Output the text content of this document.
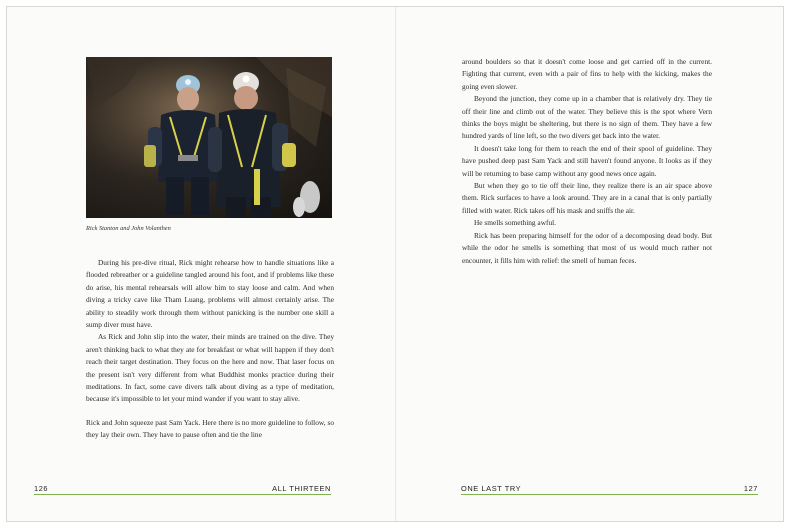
Rick Stanton and John Volanthen

During his pre-dive ritual, Rick might rehearse how to handle situations like a flooded rebreather or a guideline tangled around his foot, and if problems like these do arise, his mental rehearsals will allow him to stay loose and calm. And when diving a tricky cave like Tham Luang, problems will almost certainly arise. The ability to steadily work through them without panicking is the number one skill a sump diver must have.

As Rick and John slip into the water, their minds are trained on the dive. They aren't thinking back to what they ate for breakfast or what will happen if they don't reach their target destination. They focus on the here and now. That laser focus on the present isn't very different from what Buddhist monks practice during their meditations. In fact, some cave divers talk about diving as a type of meditation, because it's impossible to let your mind wander if you want to stay alive.

Rick and John squeeze past Sam Yack. Here there is no more guideline to follow, so they lay their own. They have to pause often and tie the line

126	ALL THIRTEEN

around boulders so that it doesn't come loose and get carried off in the current. Fighting that current, even with a pair of fins to help with the kicking, makes the going even slower.

Beyond the junction, they come up in a chamber that is relatively dry. They tie off their line and climb out of the water. They believe this is the spot where Vern thinks the boys might be sheltering, but there is no sign of them. They have a few hundred yards of line left, so the two divers get back into the water.

It doesn't take long for them to reach the end of their spool of guideline. They have pushed deep past Sam Yack and still haven't found anyone. It looks as if they will be returning to base camp without any good news once again.

But when they go to tie off their line, they realize there is an air space above them. Rick surfaces to have a look around. They are in a canal that is only partially filled with water. Rick takes off his mask and sniffs the air.

He smells something awful.

Rick has been preparing himself for the odor of a decomposing dead body. But while the odor he smells is something that most of us would much rather not encounter, it fills him with relief: the smell of human feces.

ONE LAST TRY	127
